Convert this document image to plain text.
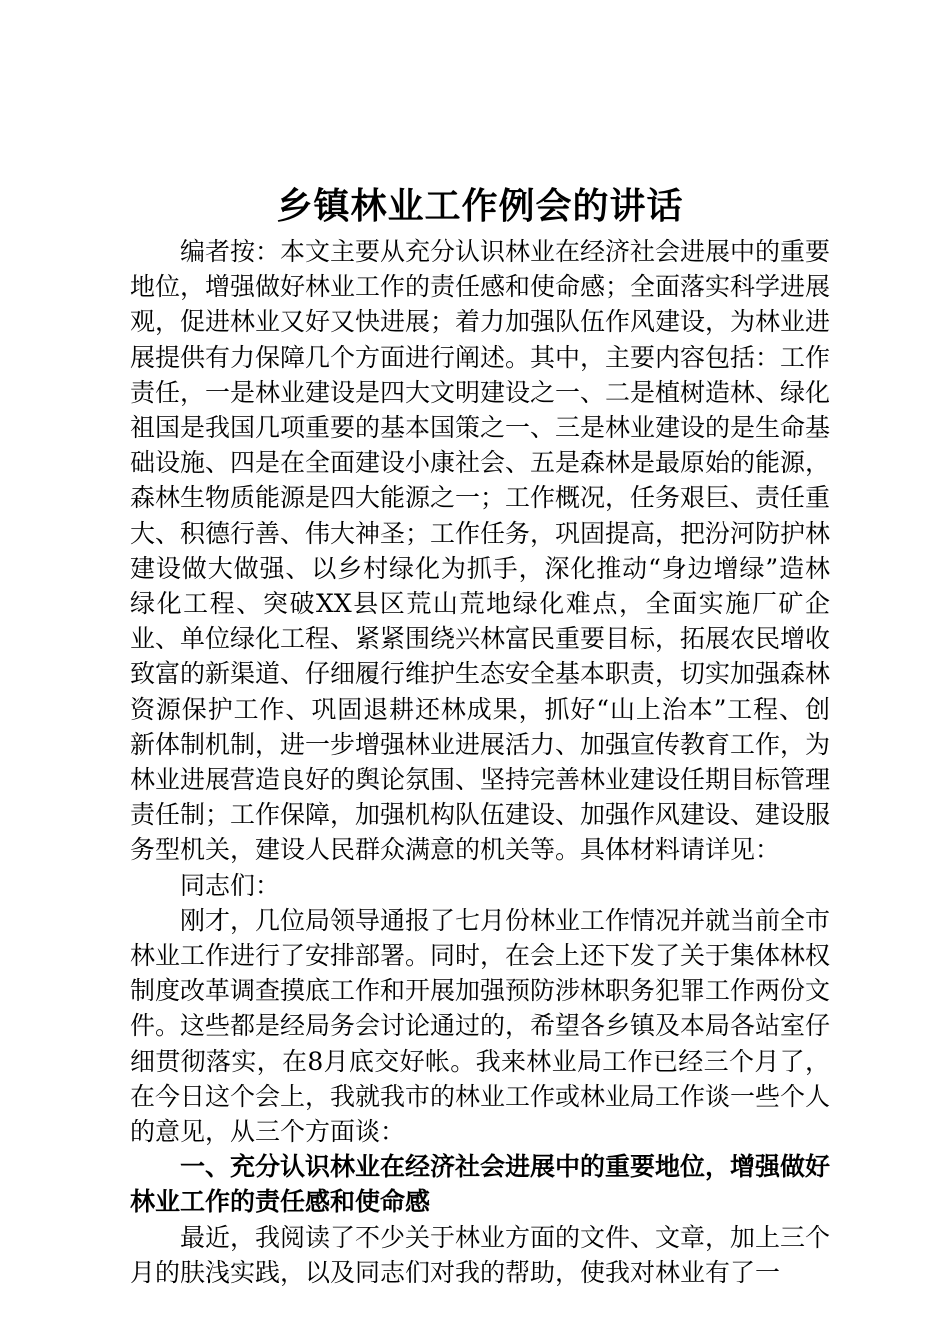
乡镇林业工作例会的讲话

编者按：本文主要从充分认识林业在经济社会进展中的重要地位，增强做好林业工作的责任感和使命感；全面落实科学进展观，促进林业又好又快进展；着力加强队伍作风建设，为林业进展提供有力保障几个方面进行阐述。其中，主要内容包括：工作责任，一是林业建设是四大文明建设之一、二是植树造林、绿化祖国是我国几项重要的基本国策之一、三是林业建设的是生命基础设施、四是在全面建设小康社会、五是森林是最原始的能源，森林生物质能源是四大能源之一；工作概况，任务艰巨、责任重大、积德行善、伟大神圣；工作任务，巩固提高，把汾河防护林建设做大做强、以乡村绿化为抓手，深化推动“身边增绿”造林绿化工程、突破XX县区荒山荒地绿化难点，全面实施厂矿企业、单位绿化工程、紧紧围绕兴林富民重要目标，拓展农民增收致富的新渠道、仔细履行维护生态安全基本职责，切实加强森林资源保护工作、巩固退耕还林成果，抓好“山上治本”工程、创新体制机制，进一步增强林业进展活力、加强宣传教育工作，为林业进展营造良好的舆论氛围、坚持完善林业建设任期目标管理责任制；工作保障，加强机构队伍建设、加强作风建设、建设服务型机关，建设人民群众满意的机关等。具体材料请详见：

同志们：

刚才，几位局领导通报了七月份林业工作情况并就当前全市林业工作进行了安排部署。同时，在会上还下发了关于集体林权制度改革调查摸底工作和开展加强预防涉林职务犯罪工作两份文件。这些都是经局务会讨论通过的，希望各乡镇及本局各站室仔细贯彻落实，在8月底交好帐。我来林业局工作已经三个月了，在今日这个会上，我就我市的林业工作或林业局工作谈一些个人的意见，从三个方面谈：

一、充分认识林业在经济社会进展中的重要地位，增强做好林业工作的责任感和使命感

最近，我阅读了不少关于林业方面的文件、文章，加上三个月的肤浅实践，以及同志们对我的帮助，使我对林业有了一
